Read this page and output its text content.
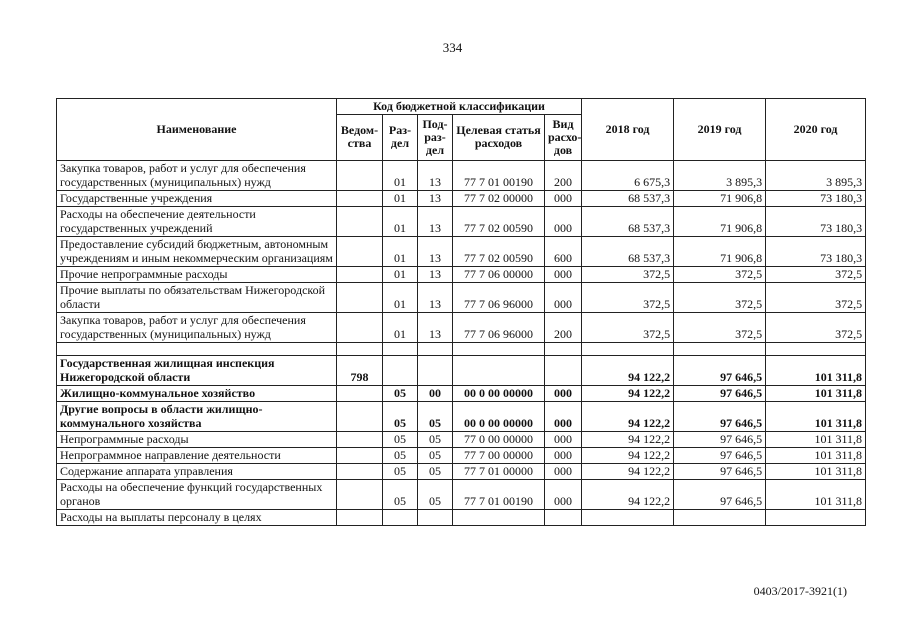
334
Наименование	Код бюджетной классификации					2018 год	2019 год	2020 год
	Ведом-ства	Раз-дел	Под-раз-дел	Целевая статья расходов	Вид расхо-дов			
Закупка товаров, работ и услуг для обеспечения государственных (муниципальных) нужд		01	13	77 7 01 00190	200	6 675,3	3 895,3	3 895,3
Государственные учреждения		01	13	77 7 02 00000	000	68 537,3	71 906,8	73 180,3
Расходы на обеспечение деятельности государственных учреждений		01	13	77 7 02 00590	000	68 537,3	71 906,8	73 180,3
Предоставление субсидий бюджетным, автономным учреждениям и иным некоммерческим организациям		01	13	77 7 02 00590	600	68 537,3	71 906,8	73 180,3
Прочие непрограммные расходы		01	13	77 7 06 00000	000	372,5	372,5	372,5
Прочие выплаты по обязательствам Нижегородской области		01	13	77 7 06 96000	000	372,5	372,5	372,5
Закупка товаров, работ и услуг для обеспечения государственных (муниципальных) нужд		01	13	77 7 06 96000	200	372,5	372,5	372,5

Государственная жилищная инспекция Нижегородской области	798					94 122,2	97 646,5	101 311,8
Жилищно-коммунальное хозяйство		05	00	00 0 00 00000	000	94 122,2	97 646,5	101 311,8
Другие вопросы в области жилищно-коммунального хозяйства		05	05	00 0 00 00000	000	94 122,2	97 646,5	101 311,8
Непрограммные расходы		05	05	77 0 00 00000	000	94 122,2	97 646,5	101 311,8
Непрограммное направление деятельности		05	05	77 7 00 00000	000	94 122,2	97 646,5	101 311,8
Содержание аппарата управления		05	05	77 7 01 00000	000	94 122,2	97 646,5	101 311,8
Расходы на обеспечение функций государственных органов		05	05	77 7 01 00190	000	94 122,2	97 646,5	101 311,8
Расходы на выплаты персоналу в целях								
0403/2017-3921(1)
